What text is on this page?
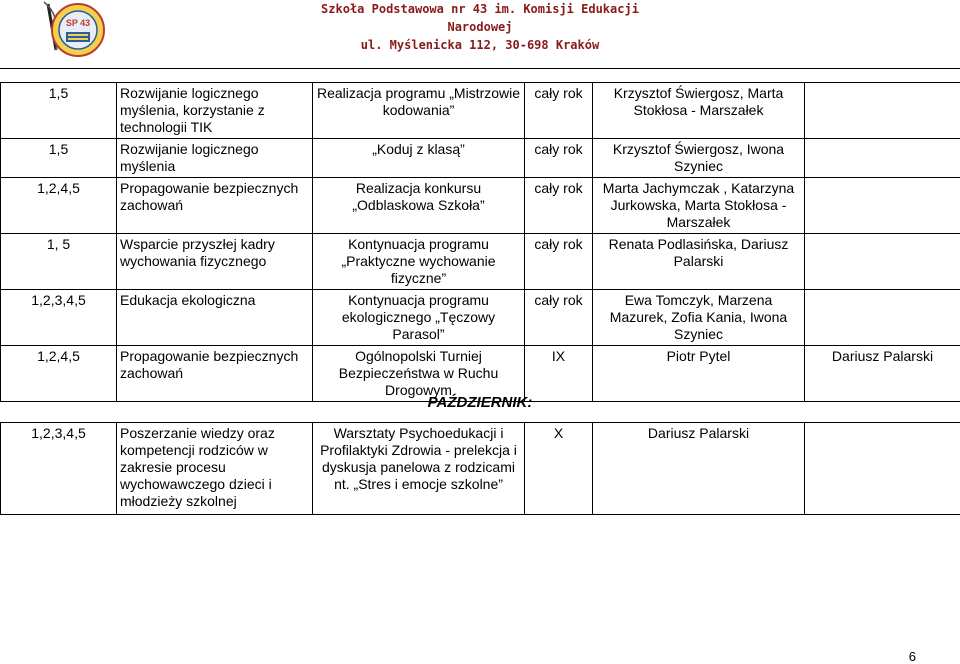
SP 43
Szkoła Podstawowa nr 43 im. Komisji Edukacji
Narodowej
ul. Myślenicka 112, 30-698 Kraków
1,5	Rozwijanie logicznego myślenia, korzystanie z technologii TIK	Realizacja programu „Mistrzowie kodowania”	cały rok	Krzysztof Świergosz, Marta Stokłosa - Marszałek	
1,5	Rozwijanie logicznego myślenia	„Koduj z klasą”	cały rok	Krzysztof Świergosz, Iwona Szyniec	
1,2,4,5	Propagowanie bezpiecznych zachowań	Realizacja konkursu „Odblaskowa Szkoła”	cały rok	Marta Jachymczak , Katarzyna Jurkowska, Marta Stokłosa - Marszałek	
1, 5	Wsparcie przyszłej kadry wychowania fizycznego	Kontynuacja programu „Praktyczne wychowanie fizyczne”	cały rok	Renata Podlasińska, Dariusz Palarski	
1,2,3,4,5	Edukacja ekologiczna	Kontynuacja programu ekologicznego „Tęczowy Parasol”	cały rok	Ewa Tomczyk, Marzena Mazurek, Zofia Kania, Iwona Szyniec	
1,2,4,5	Propagowanie bezpiecznych zachowań	Ogólnopolski Turniej Bezpieczeństwa w Ruchu Drogowym	IX	Piotr Pytel	Dariusz Palarski
PAŹDZIERNIK:
1,2,3,4,5	Poszerzanie wiedzy oraz kompetencji rodziców w zakresie procesu wychowawczego dzieci i młodzieży szkolnej	Warsztaty Psychoedukacji i Profilaktyki Zdrowia - prelekcja i dyskusja panelowa z rodzicami nt. „Stres i emocje szkolne”	X	Dariusz Palarski	
6
